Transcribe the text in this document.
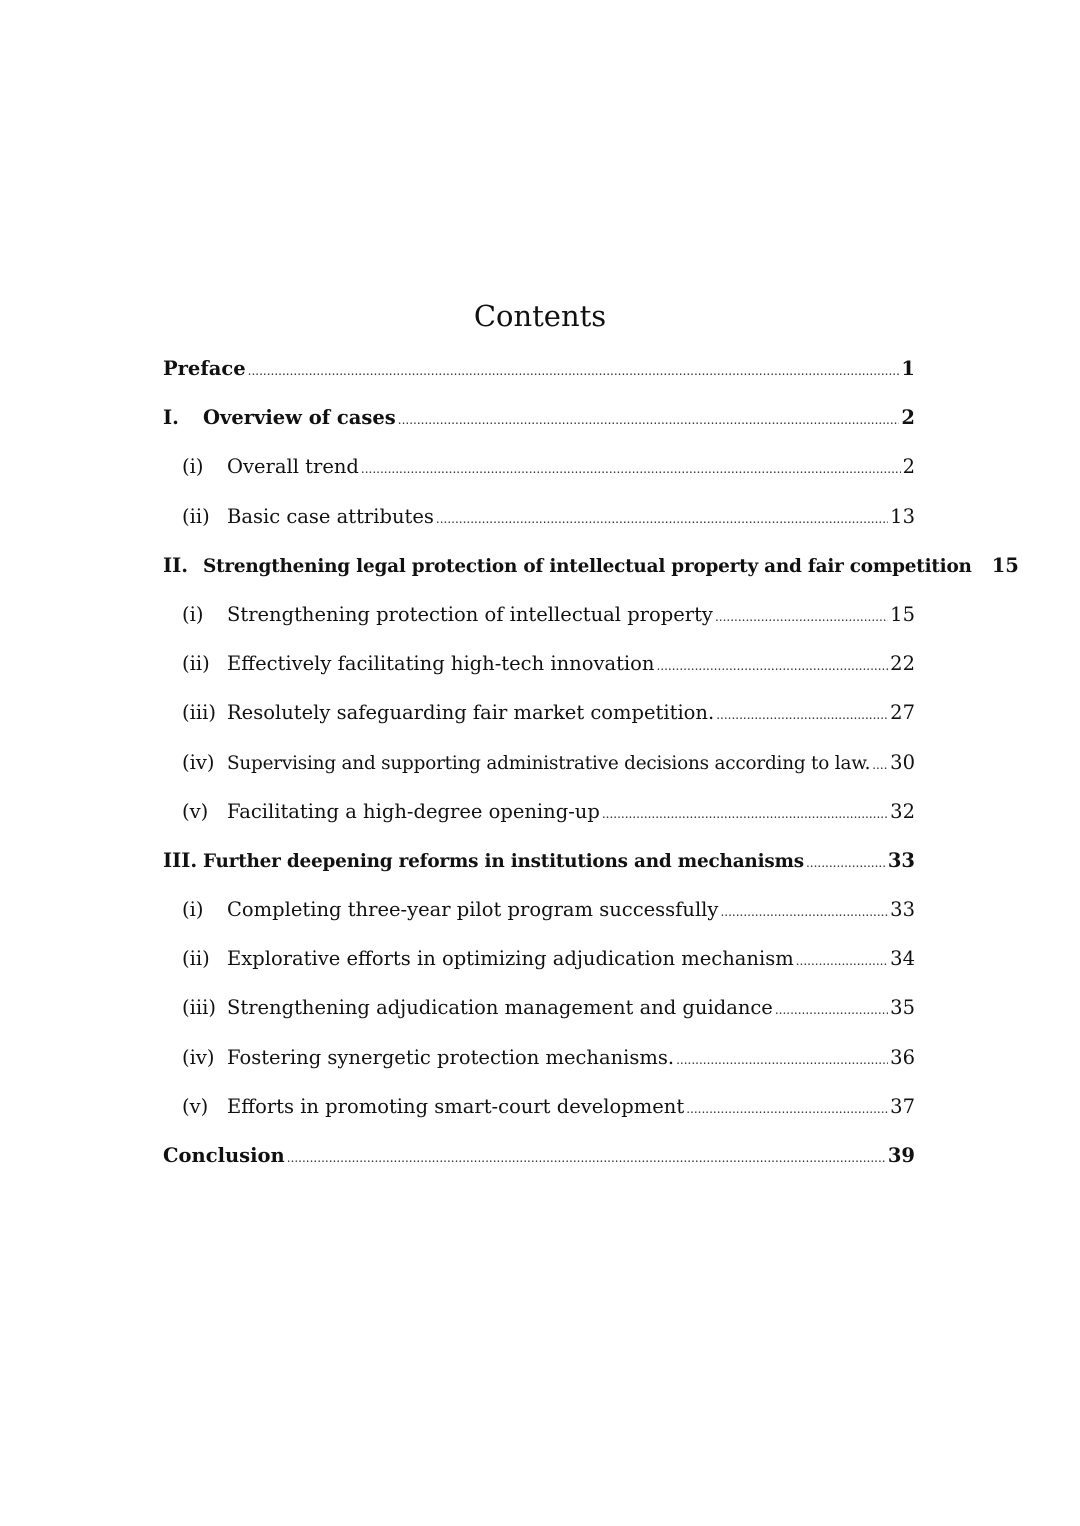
Contents
Preface .....	1
I.	Overview of cases .....	2
(i)	Overall trend .....	2
(ii) Basic case attributes .....	13
II. Strengthening legal protection of intellectual property and fair competition 15
(i)	Strengthening protection of intellectual property .....	15
(ii) Effectively facilitating high-tech innovation .....	22
(iii) Resolutely safeguarding fair market competition. .....	27
(iv) Supervising and supporting administrative decisions according to law. ..... 30
(v) Facilitating a high-degree opening-up .....	32
III. Further deepening reforms in institutions and mechanisms .....	33
(i)	Completing three-year pilot program successfully .....	33
(ii) Explorative efforts in optimizing adjudication mechanism .....	34
(iii) Strengthening adjudication management and guidance .....	35
(iv) Fostering synergetic protection mechanisms. .....	36
(v) Efforts in promoting smart-court development .....	37
Conclusion .....	39
